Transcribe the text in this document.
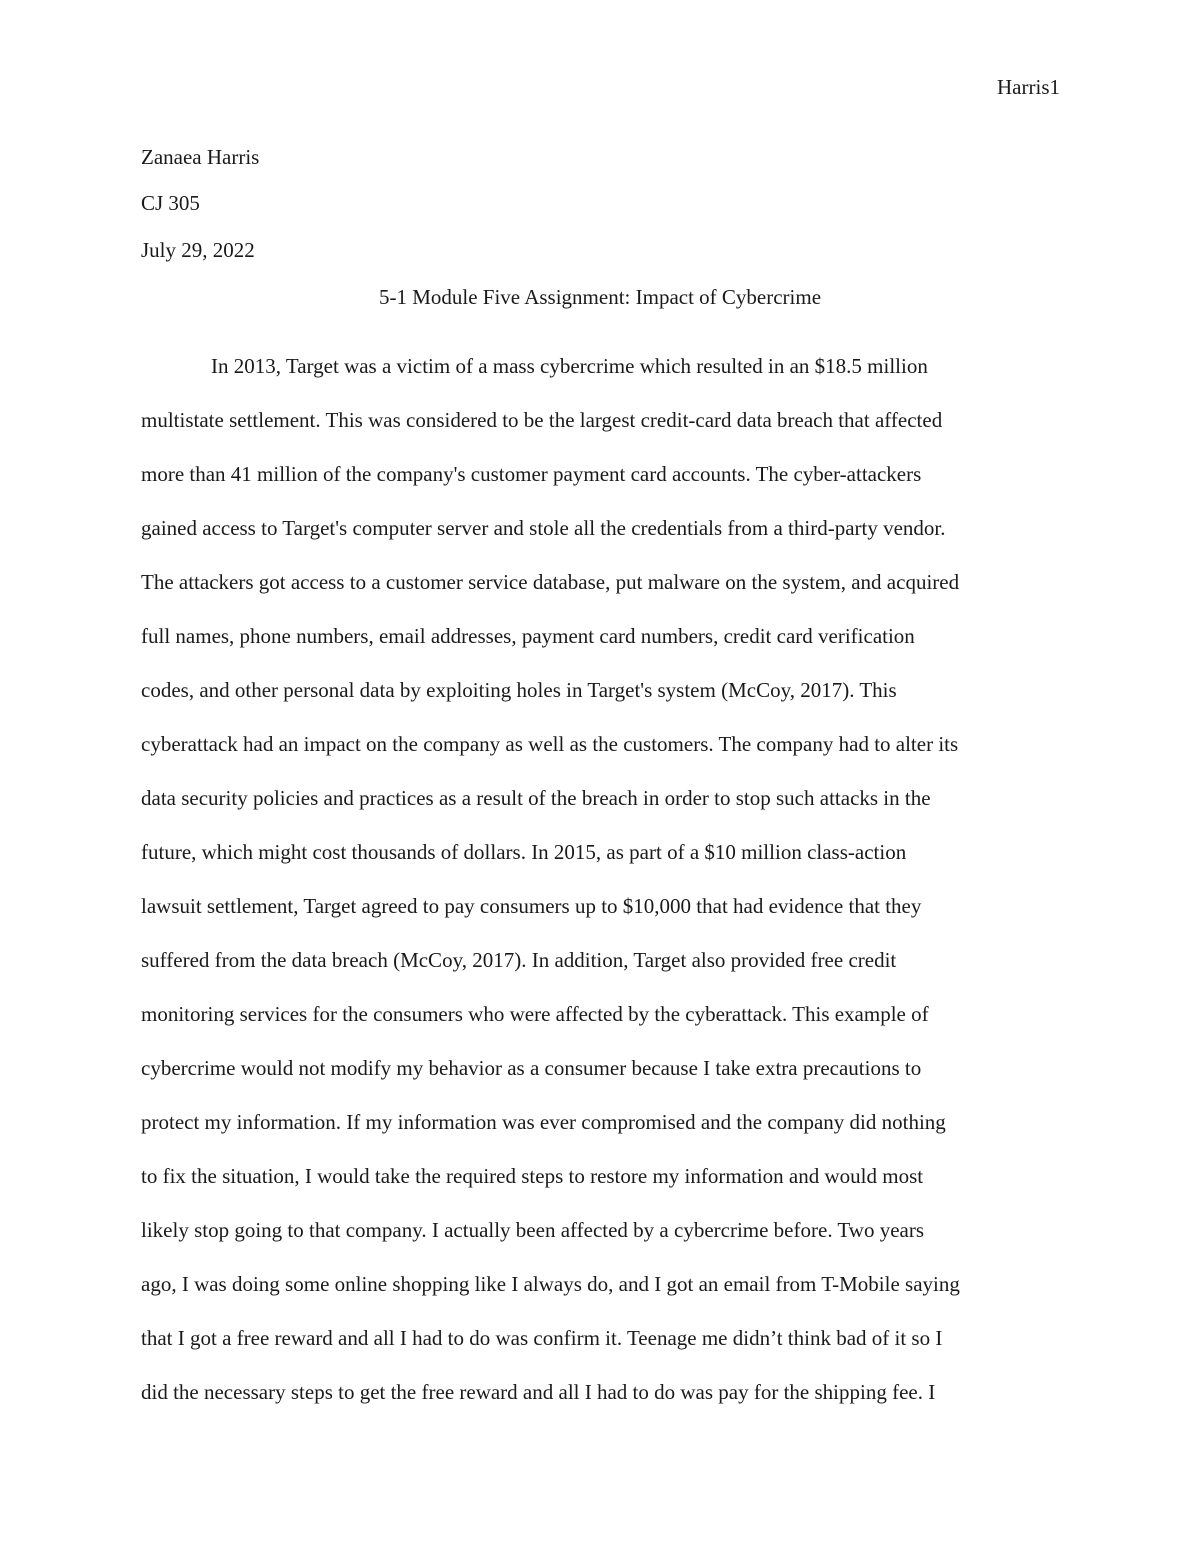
Harris1
Zanaea Harris
CJ 305
July 29, 2022
5-1 Module Five Assignment: Impact of Cybercrime
In 2013, Target was a victim of a mass cybercrime which resulted in an $18.5 million
multistate settlement. This was considered to be the largest credit-card data breach that affected
more than 41 million of the company's customer payment card accounts. The cyber-attackers
gained access to Target's computer server and stole all the credentials from a third-party vendor.
The attackers got access to a customer service database, put malware on the system, and acquired
full names, phone numbers, email addresses, payment card numbers, credit card verification
codes, and other personal data by exploiting holes in Target's system (McCoy, 2017). This
cyberattack had an impact on the company as well as the customers. The company had to alter its
data security policies and practices as a result of the breach in order to stop such attacks in the
future, which might cost thousands of dollars. In 2015, as part of a $10 million class-action
lawsuit settlement, Target agreed to pay consumers up to $10,000 that had evidence that they
suffered from the data breach (McCoy, 2017). In addition, Target also provided free credit
monitoring services for the consumers who were affected by the cyberattack. This example of
cybercrime would not modify my behavior as a consumer because I take extra precautions to
protect my information. If my information was ever compromised and the company did nothing
to fix the situation, I would take the required steps to restore my information and would most
likely stop going to that company. I actually been affected by a cybercrime before. Two years
ago, I was doing some online shopping like I always do, and I got an email from T-Mobile saying
that I got a free reward and all I had to do was confirm it. Teenage me didn’t think bad of it so I
did the necessary steps to get the free reward and all I had to do was pay for the shipping fee. I
